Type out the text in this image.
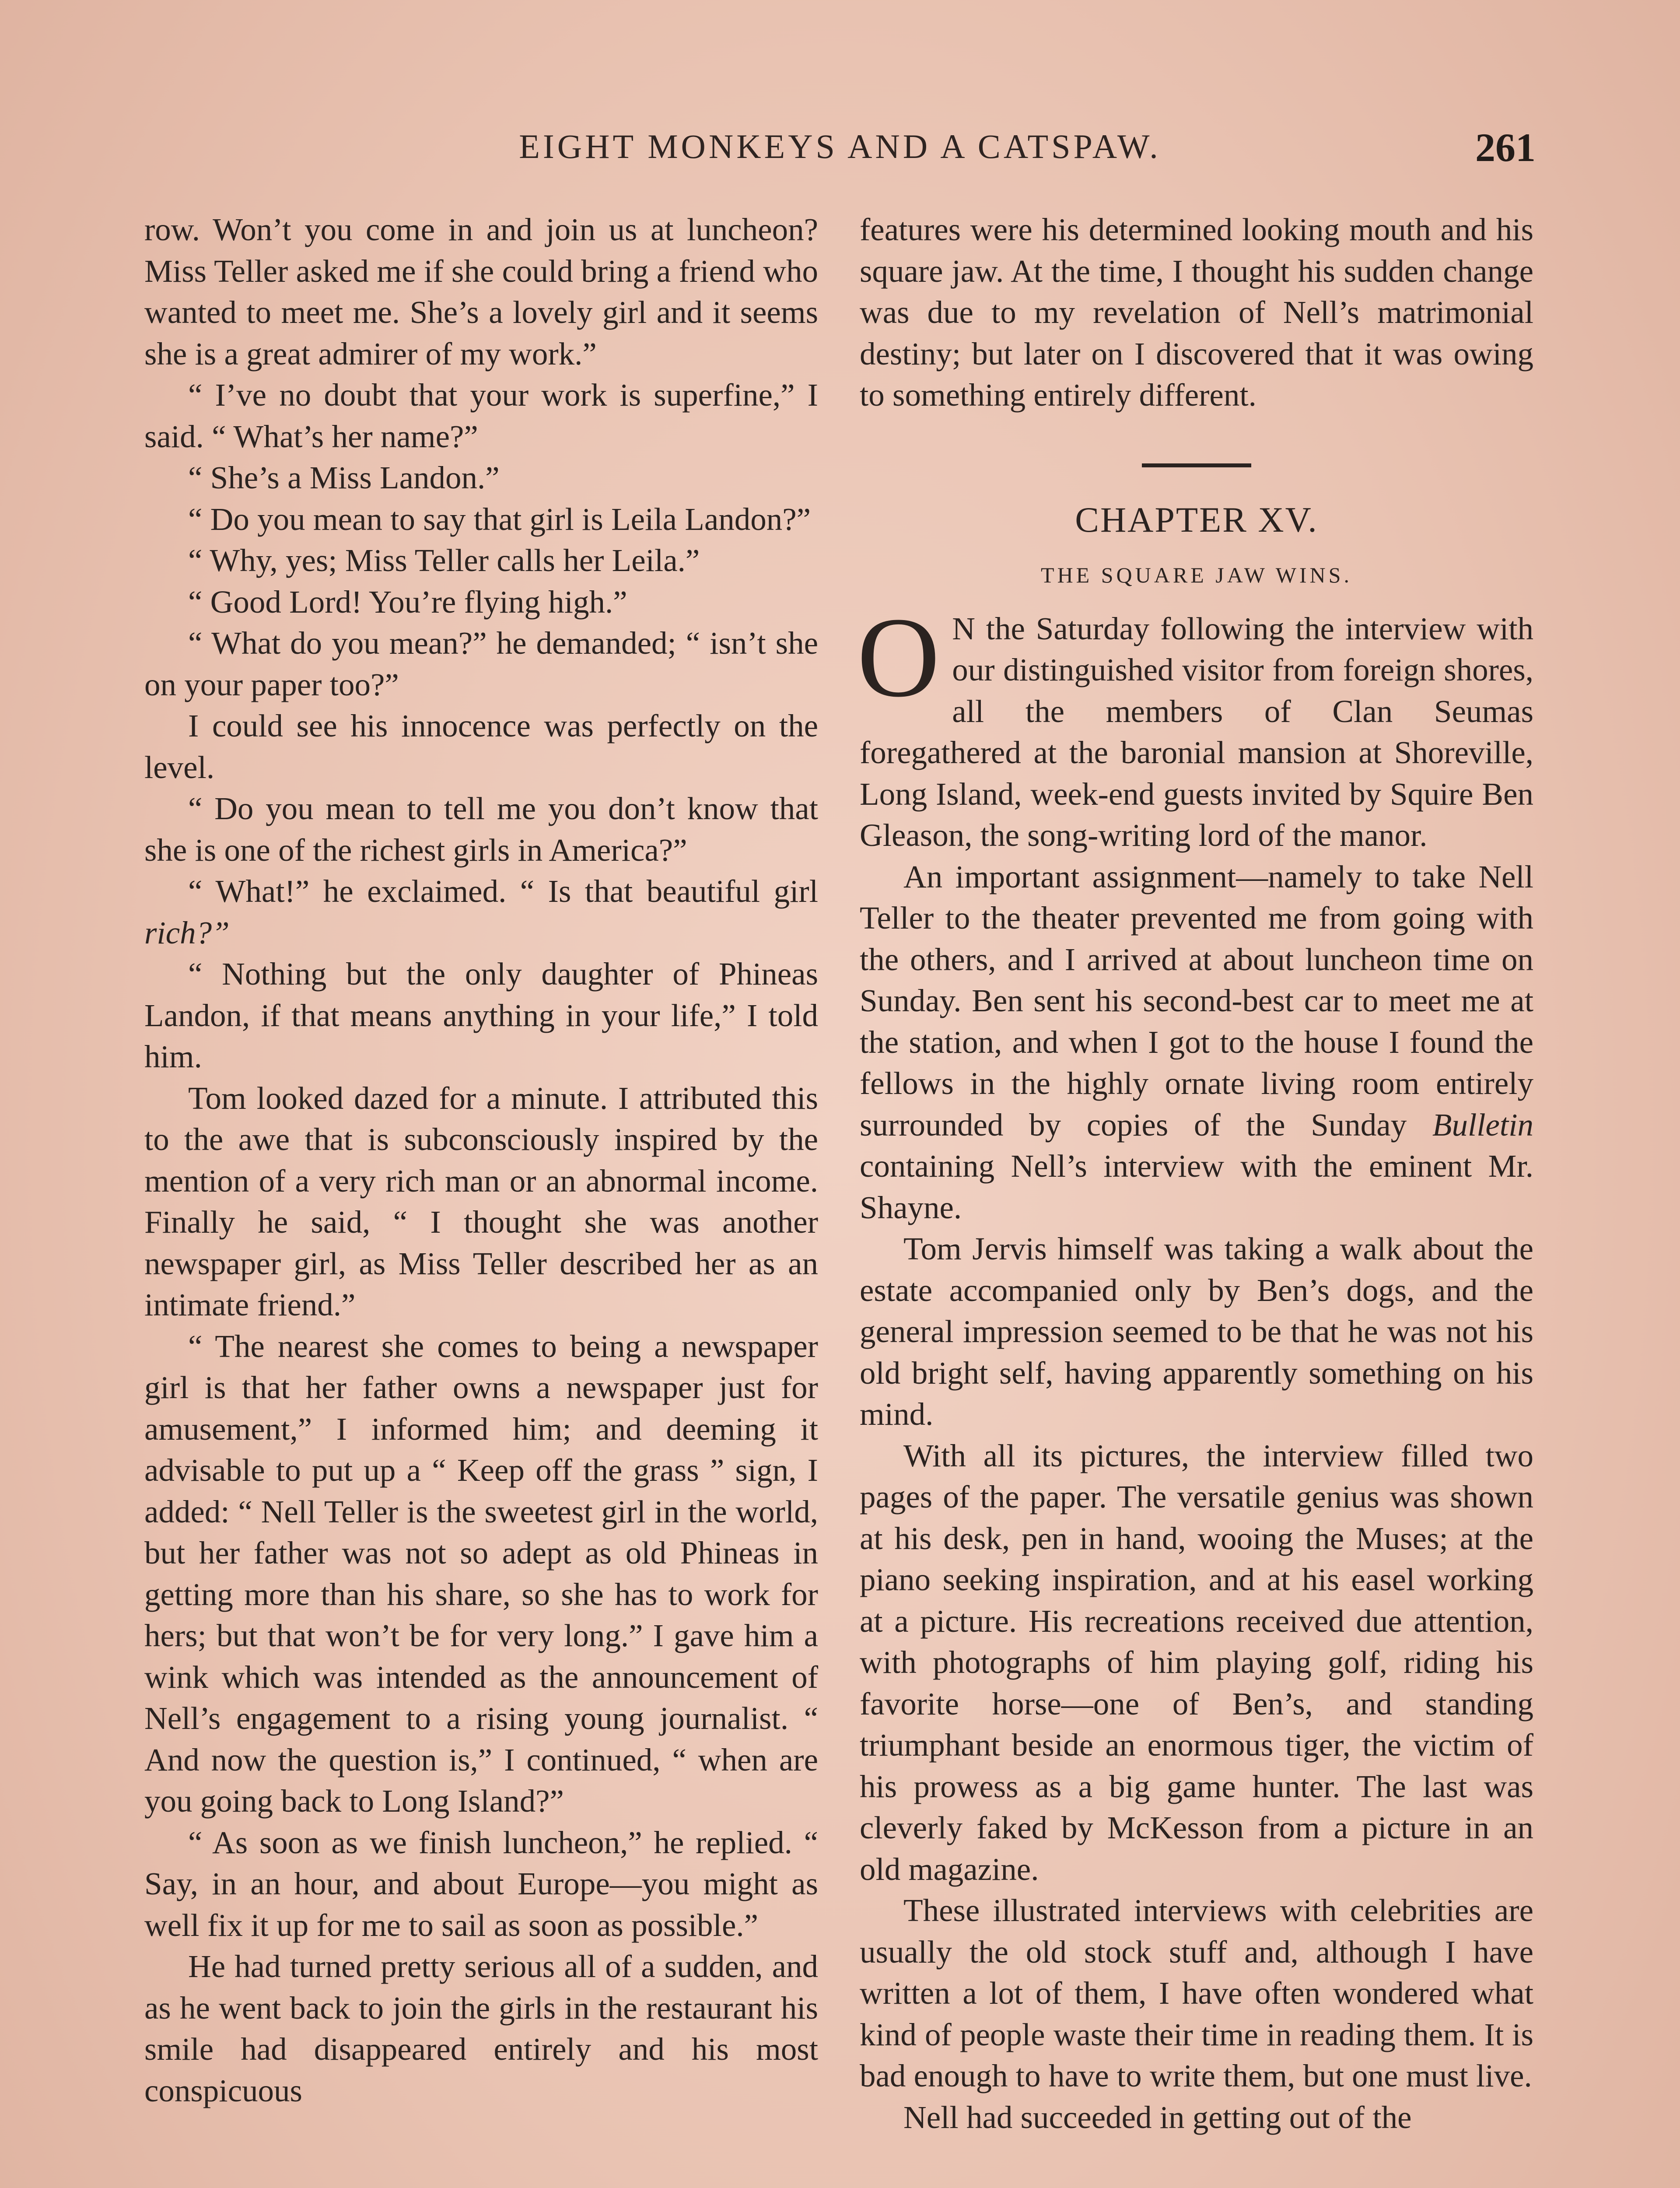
EIGHT MONKEYS AND A CATSPAW.	261

row. Won’t you come in and join us at luncheon? Miss Teller asked me if she could bring a friend who wanted to meet me. She’s a lovely girl and it seems she is a great admirer of my work.”

“ I’ve no doubt that your work is superfine,” I said. “ What’s her name?”

“ She’s a Miss Landon.”

“ Do you mean to say that girl is Leila Landon?”

“ Why, yes; Miss Teller calls her Leila.”

“ Good Lord! You’re flying high.”

“ What do you mean?” he demanded; “ isn’t she on your paper too?”

I could see his innocence was perfectly on the level.

“ Do you mean to tell me you don’t know that she is one of the richest girls in America?”

“ What!” he exclaimed. “ Is that beautiful girl rich?”

“ Nothing but the only daughter of Phineas Landon, if that means anything in your life,” I told him.

Tom looked dazed for a minute. I attributed this to the awe that is subconsciously inspired by the mention of a very rich man or an abnormal income. Finally he said, “ I thought she was another newspaper girl, as Miss Teller described her as an intimate friend.”

“ The nearest she comes to being a newspaper girl is that her father owns a newspaper just for amusement,” I informed him; and deeming it advisable to put up a “ Keep off the grass ” sign, I added: “ Nell Teller is the sweetest girl in the world, but her father was not so adept as old Phineas in getting more than his share, so she has to work for hers; but that won’t be for very long.” I gave him a wink which was intended as the announcement of Nell’s engagement to a rising young journalist. “ And now the question is,” I continued, “ when are you going back to Long Island?”

“ As soon as we finish luncheon,” he replied. “ Say, in an hour, and about Europe—you might as well fix it up for me to sail as soon as possible.”

He had turned pretty serious all of a sudden, and as he went back to join the girls in the restaurant his smile had disappeared entirely and his most conspicuous

features were his determined looking mouth and his square jaw. At the time, I thought his sudden change was due to my revelation of Nell’s matrimonial destiny; but later on I discovered that it was owing to something entirely different.

CHAPTER XV.
THE SQUARE JAW WINS.

O N the Saturday following the interview with our distinguished visitor from foreign shores, all the members of Clan Seumas foregathered at the baronial mansion at Shoreville, Long Island, week-end guests invited by Squire Ben Gleason, the song-writing lord of the manor.

An important assignment—namely to take Nell Teller to the theater prevented me from going with the others, and I arrived at about luncheon time on Sunday. Ben sent his second-best car to meet me at the station, and when I got to the house I found the fellows in the highly ornate living room entirely surrounded by copies of the Sunday Bulletin containing Nell’s interview with the eminent Mr. Shayne.

Tom Jervis himself was taking a walk about the estate accompanied only by Ben’s dogs, and the general impression seemed to be that he was not his old bright self, having apparently something on his mind.

With all its pictures, the interview filled two pages of the paper. The versatile genius was shown at his desk, pen in hand, wooing the Muses; at the piano seeking inspiration, and at his easel working at a picture. His recreations received due attention, with photographs of him playing golf, riding his favorite horse—one of Ben’s, and standing triumphant beside an enormous tiger, the victim of his prowess as a big game hunter. The last was cleverly faked by McKesson from a picture in an old magazine.

These illustrated interviews with celebrities are usually the old stock stuff and, although I have written a lot of them, I have often wondered what kind of people waste their time in reading them. It is bad enough to have to write them, but one must live.

Nell had succeeded in getting out of the
